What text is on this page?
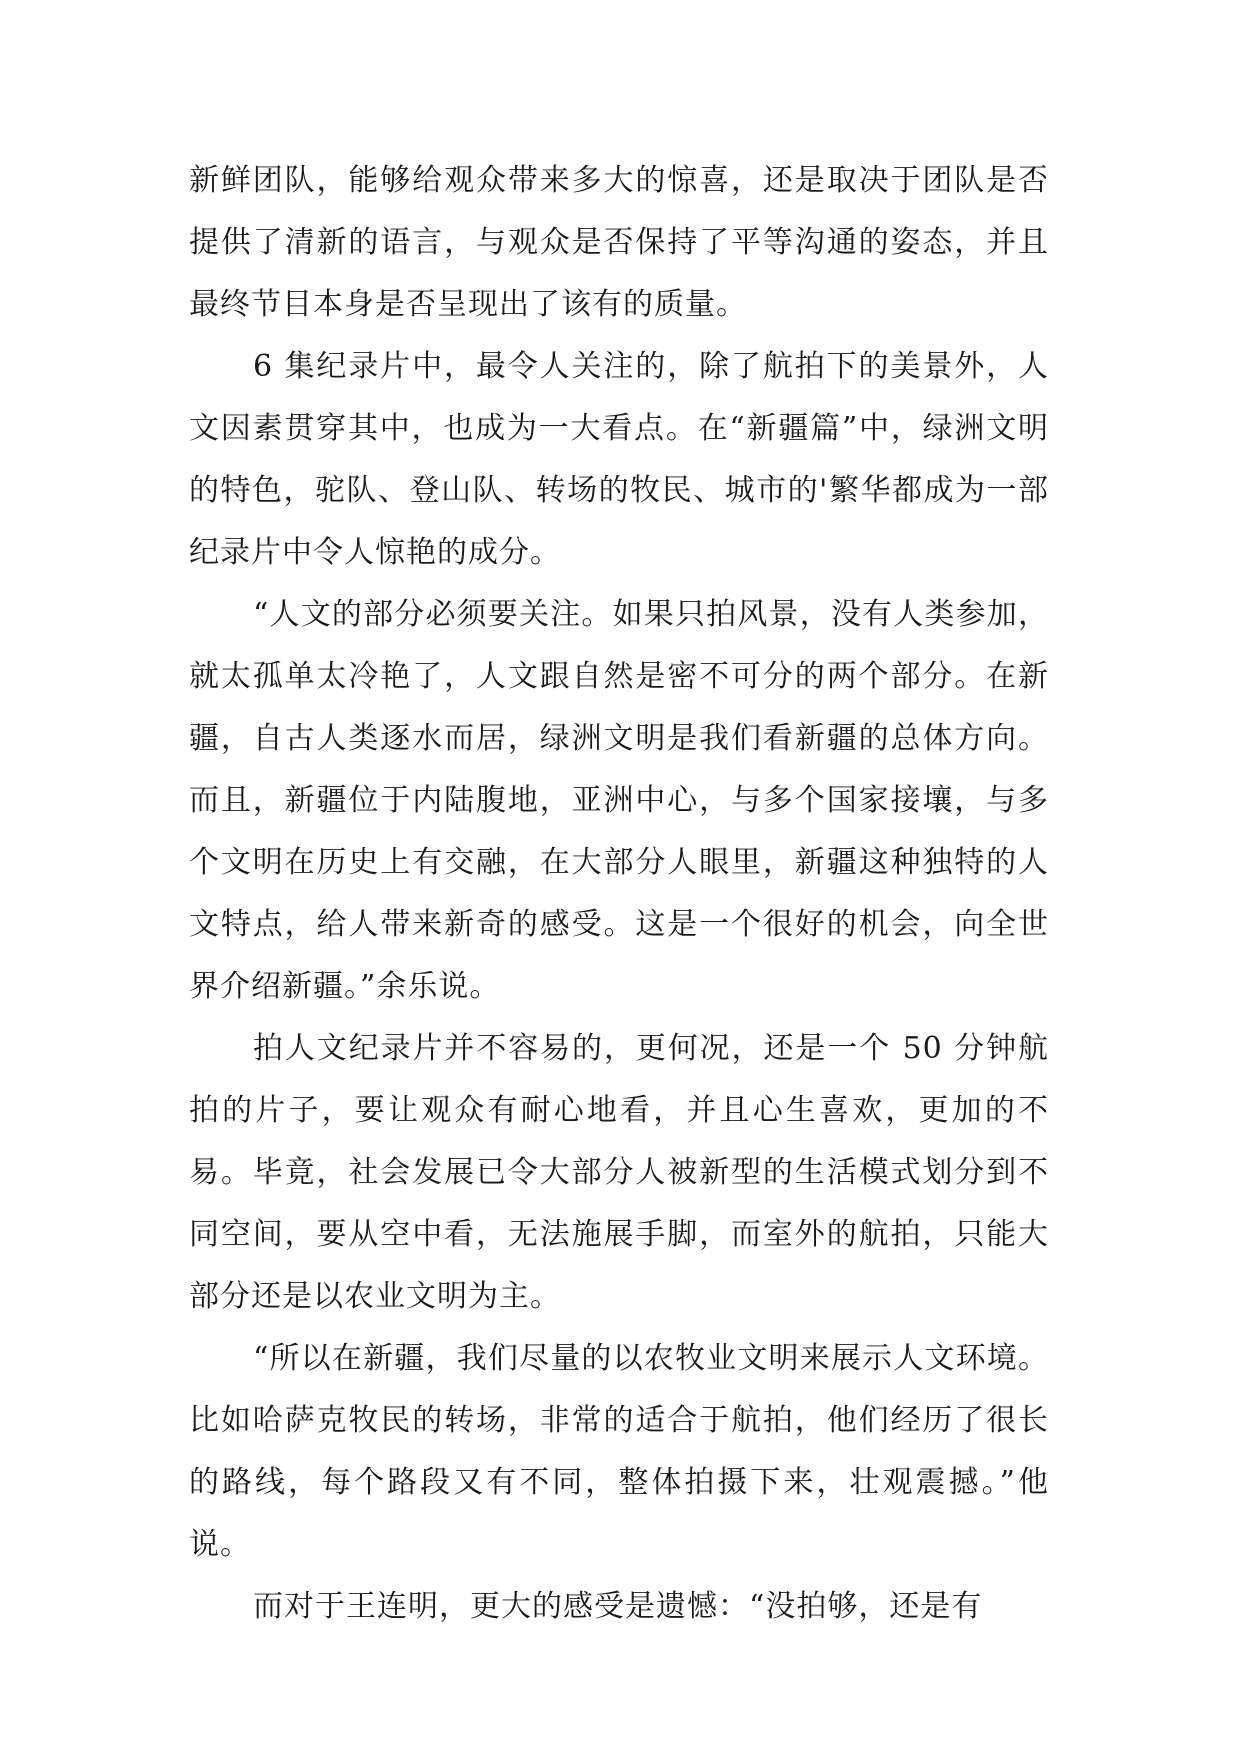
新鲜团队，能够给观众带来多大的惊喜，还是取决于团队是否提供了清新的语言，与观众是否保持了平等沟通的姿态，并且最终节目本身是否呈现出了该有的质量。

6 集纪录片中，最令人关注的，除了航拍下的美景外，人文因素贯穿其中，也成为一大看点。在“新疆篇”中，绿洲文明的特色，驼队、登山队、转场的牧民、城市的'繁华都成为一部纪录片中令人惊艳的成分。

“人文的部分必须要关注。如果只拍风景，没有人类参加，就太孤单太冷艳了，人文跟自然是密不可分的两个部分。在新疆，自古人类逐水而居，绿洲文明是我们看新疆的总体方向。而且，新疆位于内陆腹地，亚洲中心，与多个国家接壤，与多个文明在历史上有交融，在大部分人眼里，新疆这种独特的人文特点，给人带来新奇的感受。这是一个很好的机会，向全世界介绍新疆。”余乐说。

拍人文纪录片并不容易的，更何况，还是一个 50 分钟航拍的片子，要让观众有耐心地看，并且心生喜欢，更加的不易。毕竟，社会发展已令大部分人被新型的生活模式划分到不同空间，要从空中看，无法施展手脚，而室外的航拍，只能大部分还是以农业文明为主。

“所以在新疆，我们尽量的以农牧业文明来展示人文环境。比如哈萨克牧民的转场，非常的适合于航拍，他们经历了很长的路线，每个路段又有不同，整体拍摄下来，壮观震撼。”他说。

而对于王连明，更大的感受是遗憾：“没拍够，还是有
